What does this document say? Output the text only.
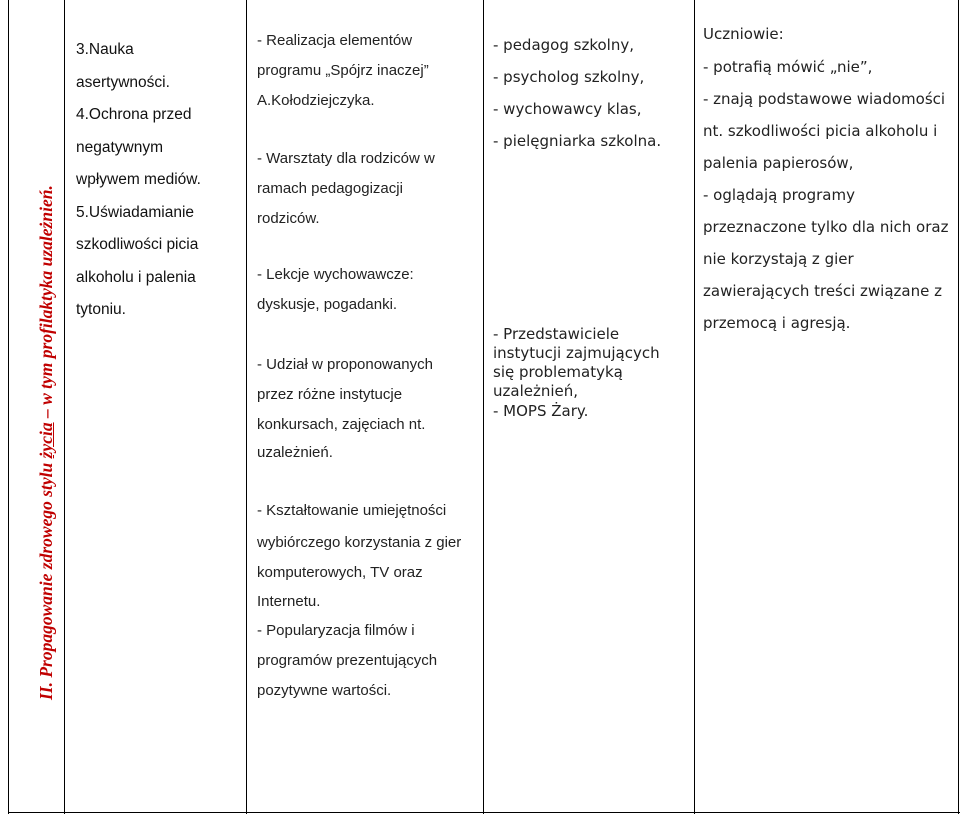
II. Propagowanie zdrowego stylu życia – w tym profilaktyka uzależnień.
3.Nauka
asertywności.
4.Ochrona przed
negatywnym
wpływem mediów.
5.Uświadamianie
szkodliwości picia
alkoholu i palenia
tytoniu.
- Realizacja elementów
programu „Spójrz inaczej”
A.Kołodziejczyka.
- Warsztaty dla rodziców w
ramach pedagogizacji
rodziców.
- Lekcje wychowawcze:
dyskusje, pogadanki.
- Udział w proponowanych
przez różne instytucje
konkursach, zajęciach nt.
uzależnień.
- Kształtowanie umiejętności
wybiórczego korzystania z gier
komputerowych, TV oraz
Internetu.
- Popularyzacja filmów i
programów prezentujących
pozytywne wartości.
- pedagog szkolny,
- psycholog szkolny,
- wychowawcy klas,
- pielęgniarka szkolna.
- Przedstawiciele
instytucji zajmujących
się problematyką
uzależnień,
- MOPS Żary.
Uczniowie:
- potrafią mówić „nie”,
- znają podstawowe wiadomości
nt. szkodliwości picia alkoholu i
palenia papierosów,
- oglądają programy
przeznaczone tylko dla nich oraz
nie korzystają z gier
zawierających treści związane z
przemocą i agresją.
